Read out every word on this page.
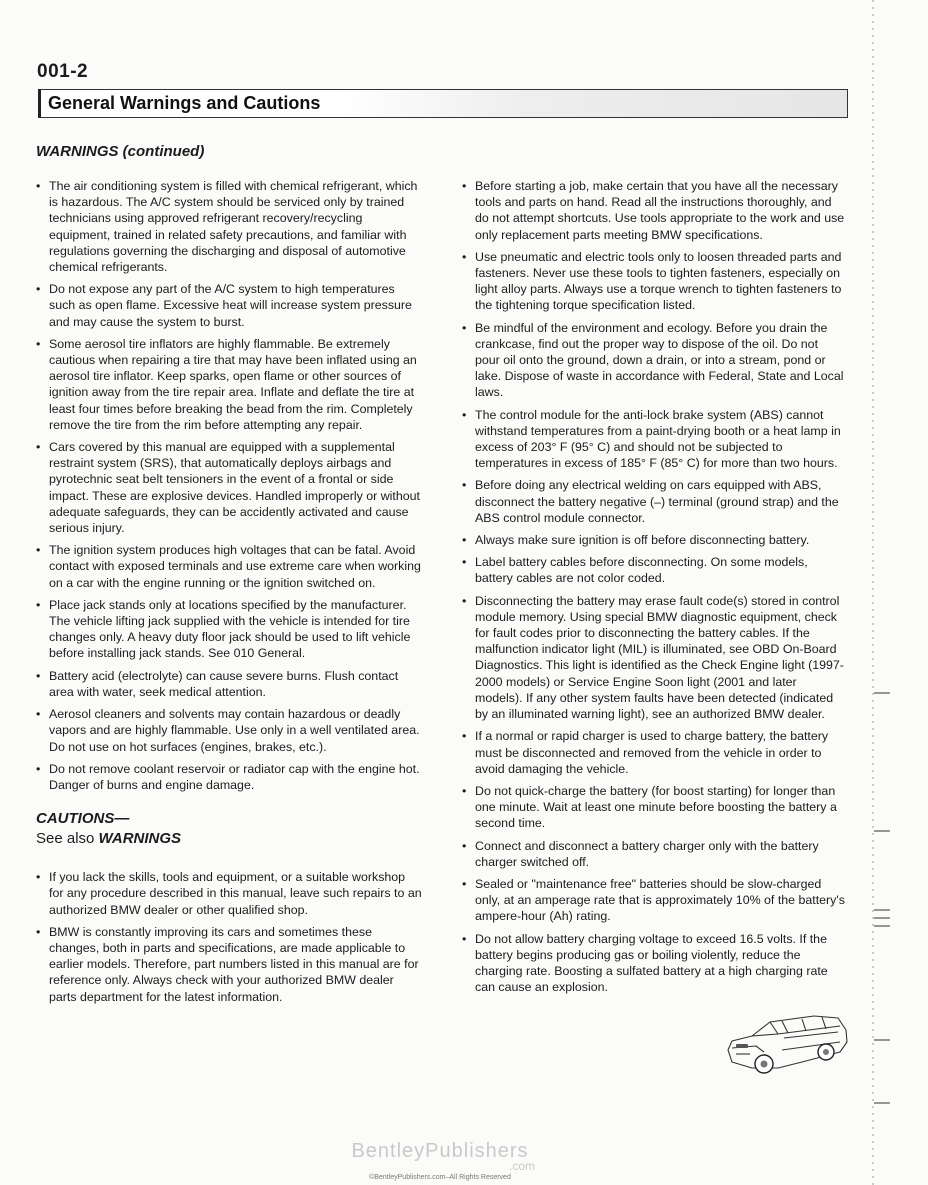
001-2
General Warnings and Cautions
WARNINGS (continued)
• The air conditioning system is filled with chemical refrigerant, which is hazardous. The A/C system should be serviced only by trained technicians using approved refrigerant recovery/recycling equipment, trained in related safety precautions, and familiar with regulations governing the discharging and disposal of automotive chemical refrigerants.
• Do not expose any part of the A/C system to high temperatures such as open flame. Excessive heat will increase system pressure and may cause the system to burst.
• Some aerosol tire inflators are highly flammable. Be extremely cautious when repairing a tire that may have been inflated using an aerosol tire inflator. Keep sparks, open flame or other sources of ignition away from the tire repair area. Inflate and deflate the tire at least four times before breaking the bead from the rim. Completely remove the tire from the rim before attempting any repair.
• Cars covered by this manual are equipped with a supplemental restraint system (SRS), that automatically deploys airbags and pyrotechnic seat belt tensioners in the event of a frontal or side impact. These are explosive devices. Handled improperly or without adequate safeguards, they can be accidently activated and cause serious injury.
• The ignition system produces high voltages that can be fatal. Avoid contact with exposed terminals and use extreme care when working on a car with the engine running or the ignition switched on.
• Place jack stands only at locations specified by the manufacturer. The vehicle lifting jack supplied with the vehicle is intended for tire changes only. A heavy duty floor jack should be used to lift vehicle before installing jack stands. See 010 General.
• Battery acid (electrolyte) can cause severe burns. Flush contact area with water, seek medical attention.
• Aerosol cleaners and solvents may contain hazardous or deadly vapors and are highly flammable. Use only in a well ventilated area. Do not use on hot surfaces (engines, brakes, etc.).
• Do not remove coolant reservoir or radiator cap with the engine hot. Danger of burns and engine damage.
CAUTIONS—
See also WARNINGS
• If you lack the skills, tools and equipment, or a suitable workshop for any procedure described in this manual, leave such repairs to an authorized BMW dealer or other qualified shop.
• BMW is constantly improving its cars and sometimes these changes, both in parts and specifications, are made applicable to earlier models. Therefore, part numbers listed in this manual are for reference only. Always check with your authorized BMW dealer parts department for the latest information.
• Before starting a job, make certain that you have all the necessary tools and parts on hand. Read all the instructions thoroughly, and do not attempt shortcuts. Use tools appropriate to the work and use only replacement parts meeting BMW specifications.
• Use pneumatic and electric tools only to loosen threaded parts and fasteners. Never use these tools to tighten fasteners, especially on light alloy parts. Always use a torque wrench to tighten fasteners to the tightening torque specification listed.
• Be mindful of the environment and ecology. Before you drain the crankcase, find out the proper way to dispose of the oil. Do not pour oil onto the ground, down a drain, or into a stream, pond or lake. Dispose of waste in accordance with Federal, State and Local laws.
• The control module for the anti-lock brake system (ABS) cannot withstand temperatures from a paint-drying booth or a heat lamp in excess of 203° F (95° C) and should not be subjected to temperatures in excess of 185° F (85° C) for more than two hours.
• Before doing any electrical welding on cars equipped with ABS, disconnect the battery negative (–) terminal (ground strap) and the ABS control module connector.
• Always make sure ignition is off before disconnecting battery.
• Label battery cables before disconnecting. On some models, battery cables are not color coded.
• Disconnecting the battery may erase fault code(s) stored in control module memory. Using special BMW diagnostic equipment, check for fault codes prior to disconnecting the battery cables. If the malfunction indicator light (MIL) is illuminated, see OBD On-Board Diagnostics. This light is identified as the Check Engine light (1997-2000 models) or Service Engine Soon light (2001 and later models). If any other system faults have been detected (indicated by an illuminated warning light), see an authorized BMW dealer.
• If a normal or rapid charger is used to charge battery, the battery must be disconnected and removed from the vehicle in order to avoid damaging the vehicle.
• Do not quick-charge the battery (for boost starting) for longer than one minute. Wait at least one minute before boosting the battery a second time.
• Connect and disconnect a battery charger only with the battery charger switched off.
• Sealed or "maintenance free" batteries should be slow-charged only, at an amperage rate that is approximately 10% of the battery's ampere-hour (Ah) rating.
• Do not allow battery charging voltage to exceed 16.5 volts. If the battery begins producing gas or boiling violently, reduce the charging rate. Boosting a sulfated battery at a high charging rate can cause an explosion.
BentleyPublishers
.com
©BentleyPublishers.com–All Rights Reserved
